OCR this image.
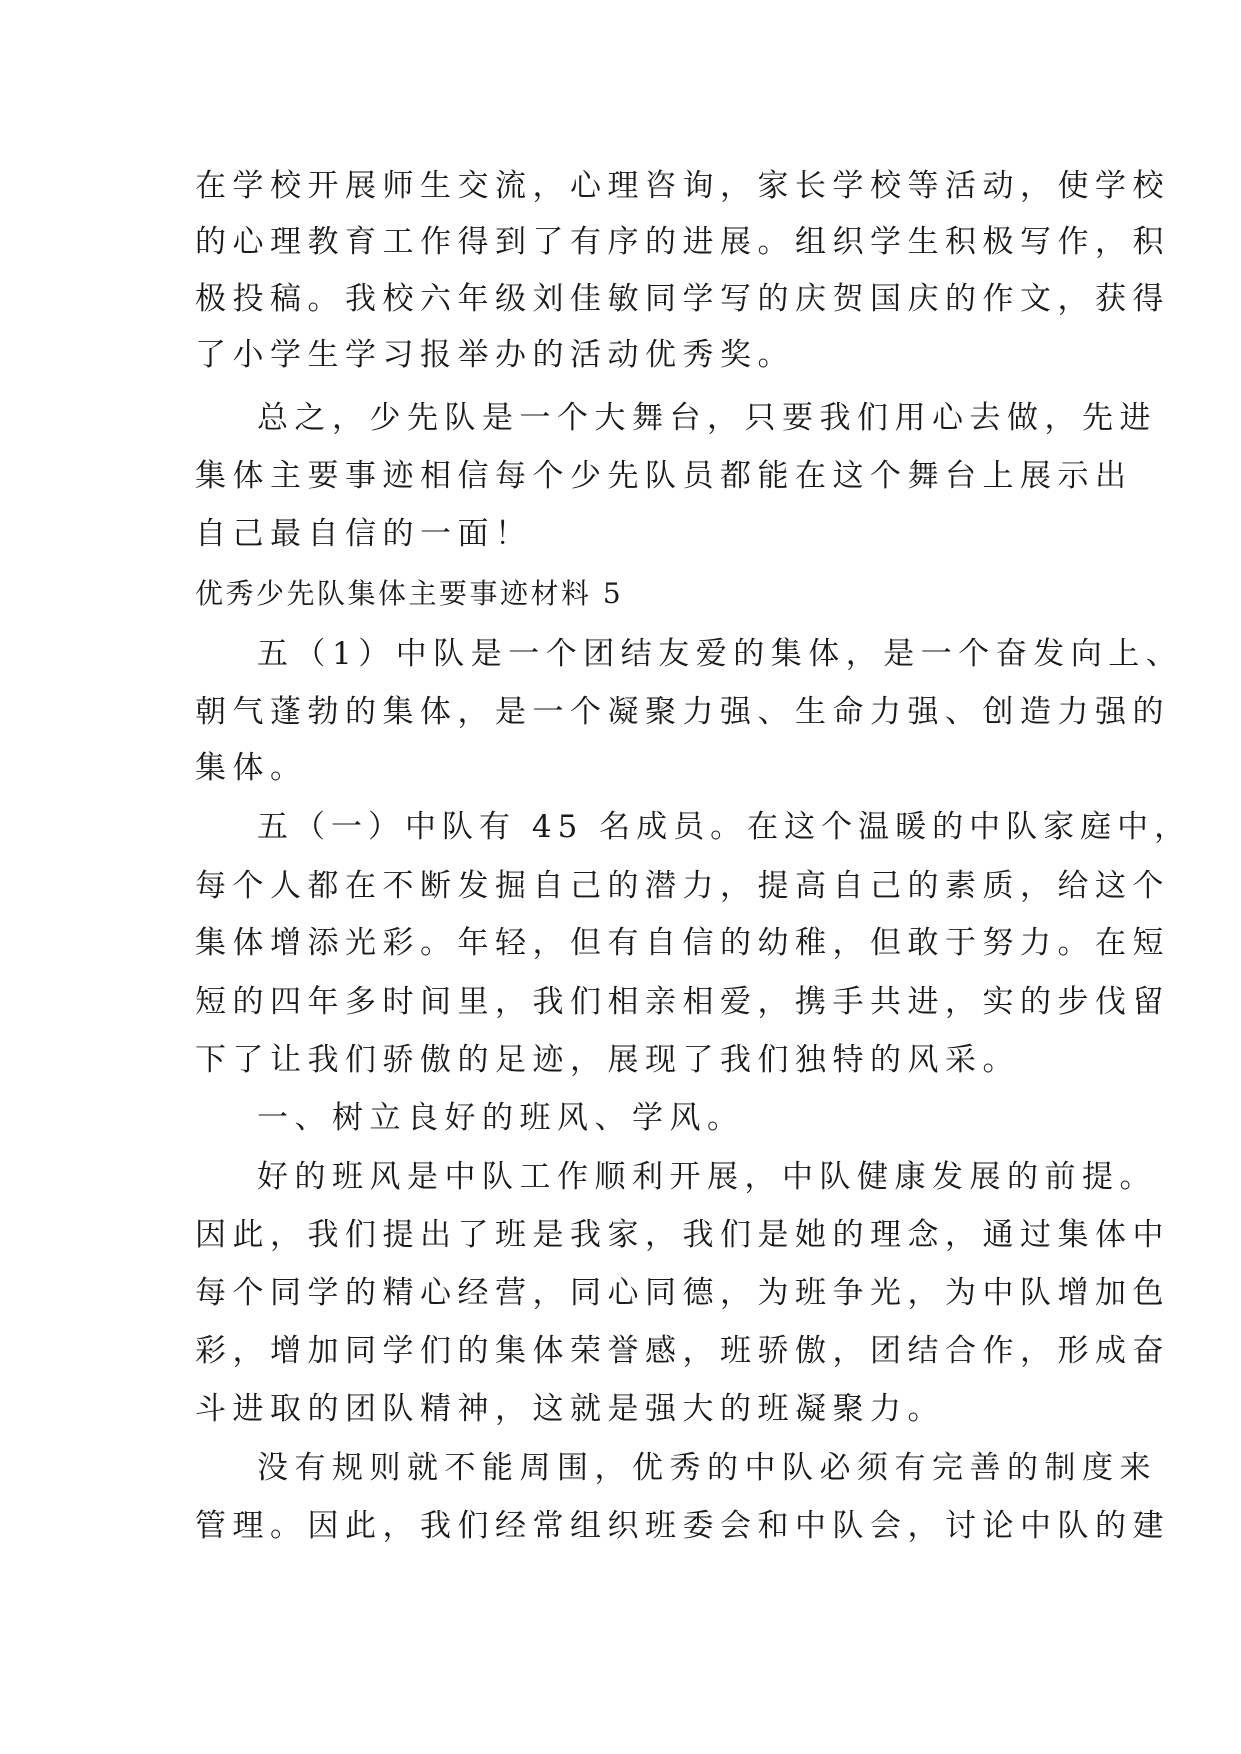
在学校开展师生交流，心理咨询，家长学校等活动，使学校
的心理教育工作得到了有序的进展。组织学生积极写作，积
极投稿。我校六年级刘佳敏同学写的庆贺国庆的作文，获得
了小学生学习报举办的活动优秀奖。
总之，少先队是一个大舞台，只要我们用心去做，先进
集体主要事迹相信每个少先队员都能在这个舞台上展示出
自己最自信的一面！
优秀少先队集体主要事迹材料 5
五（1）中队是一个团结友爱的集体，是一个奋发向上、
朝气蓬勃的集体，是一个凝聚力强、生命力强、创造力强的
集体。
五（一）中队有 45 名成员。在这个温暖的中队家庭中，
每个人都在不断发掘自己的潜力，提高自己的素质，给这个
集体增添光彩。年轻，但有自信的幼稚，但敢于努力。在短
短的四年多时间里，我们相亲相爱，携手共进，实的步伐留
下了让我们骄傲的足迹，展现了我们独特的风采。
一、树立良好的班风、学风。
好的班风是中队工作顺利开展，中队健康发展的前提。
因此，我们提出了班是我家，我们是她的理念，通过集体中
每个同学的精心经营，同心同德，为班争光，为中队增加色
彩，增加同学们的集体荣誉感，班骄傲，团结合作，形成奋
斗进取的团队精神，这就是强大的班凝聚力。
没有规则就不能周围，优秀的中队必须有完善的制度来
管理。因此，我们经常组织班委会和中队会，讨论中队的建
